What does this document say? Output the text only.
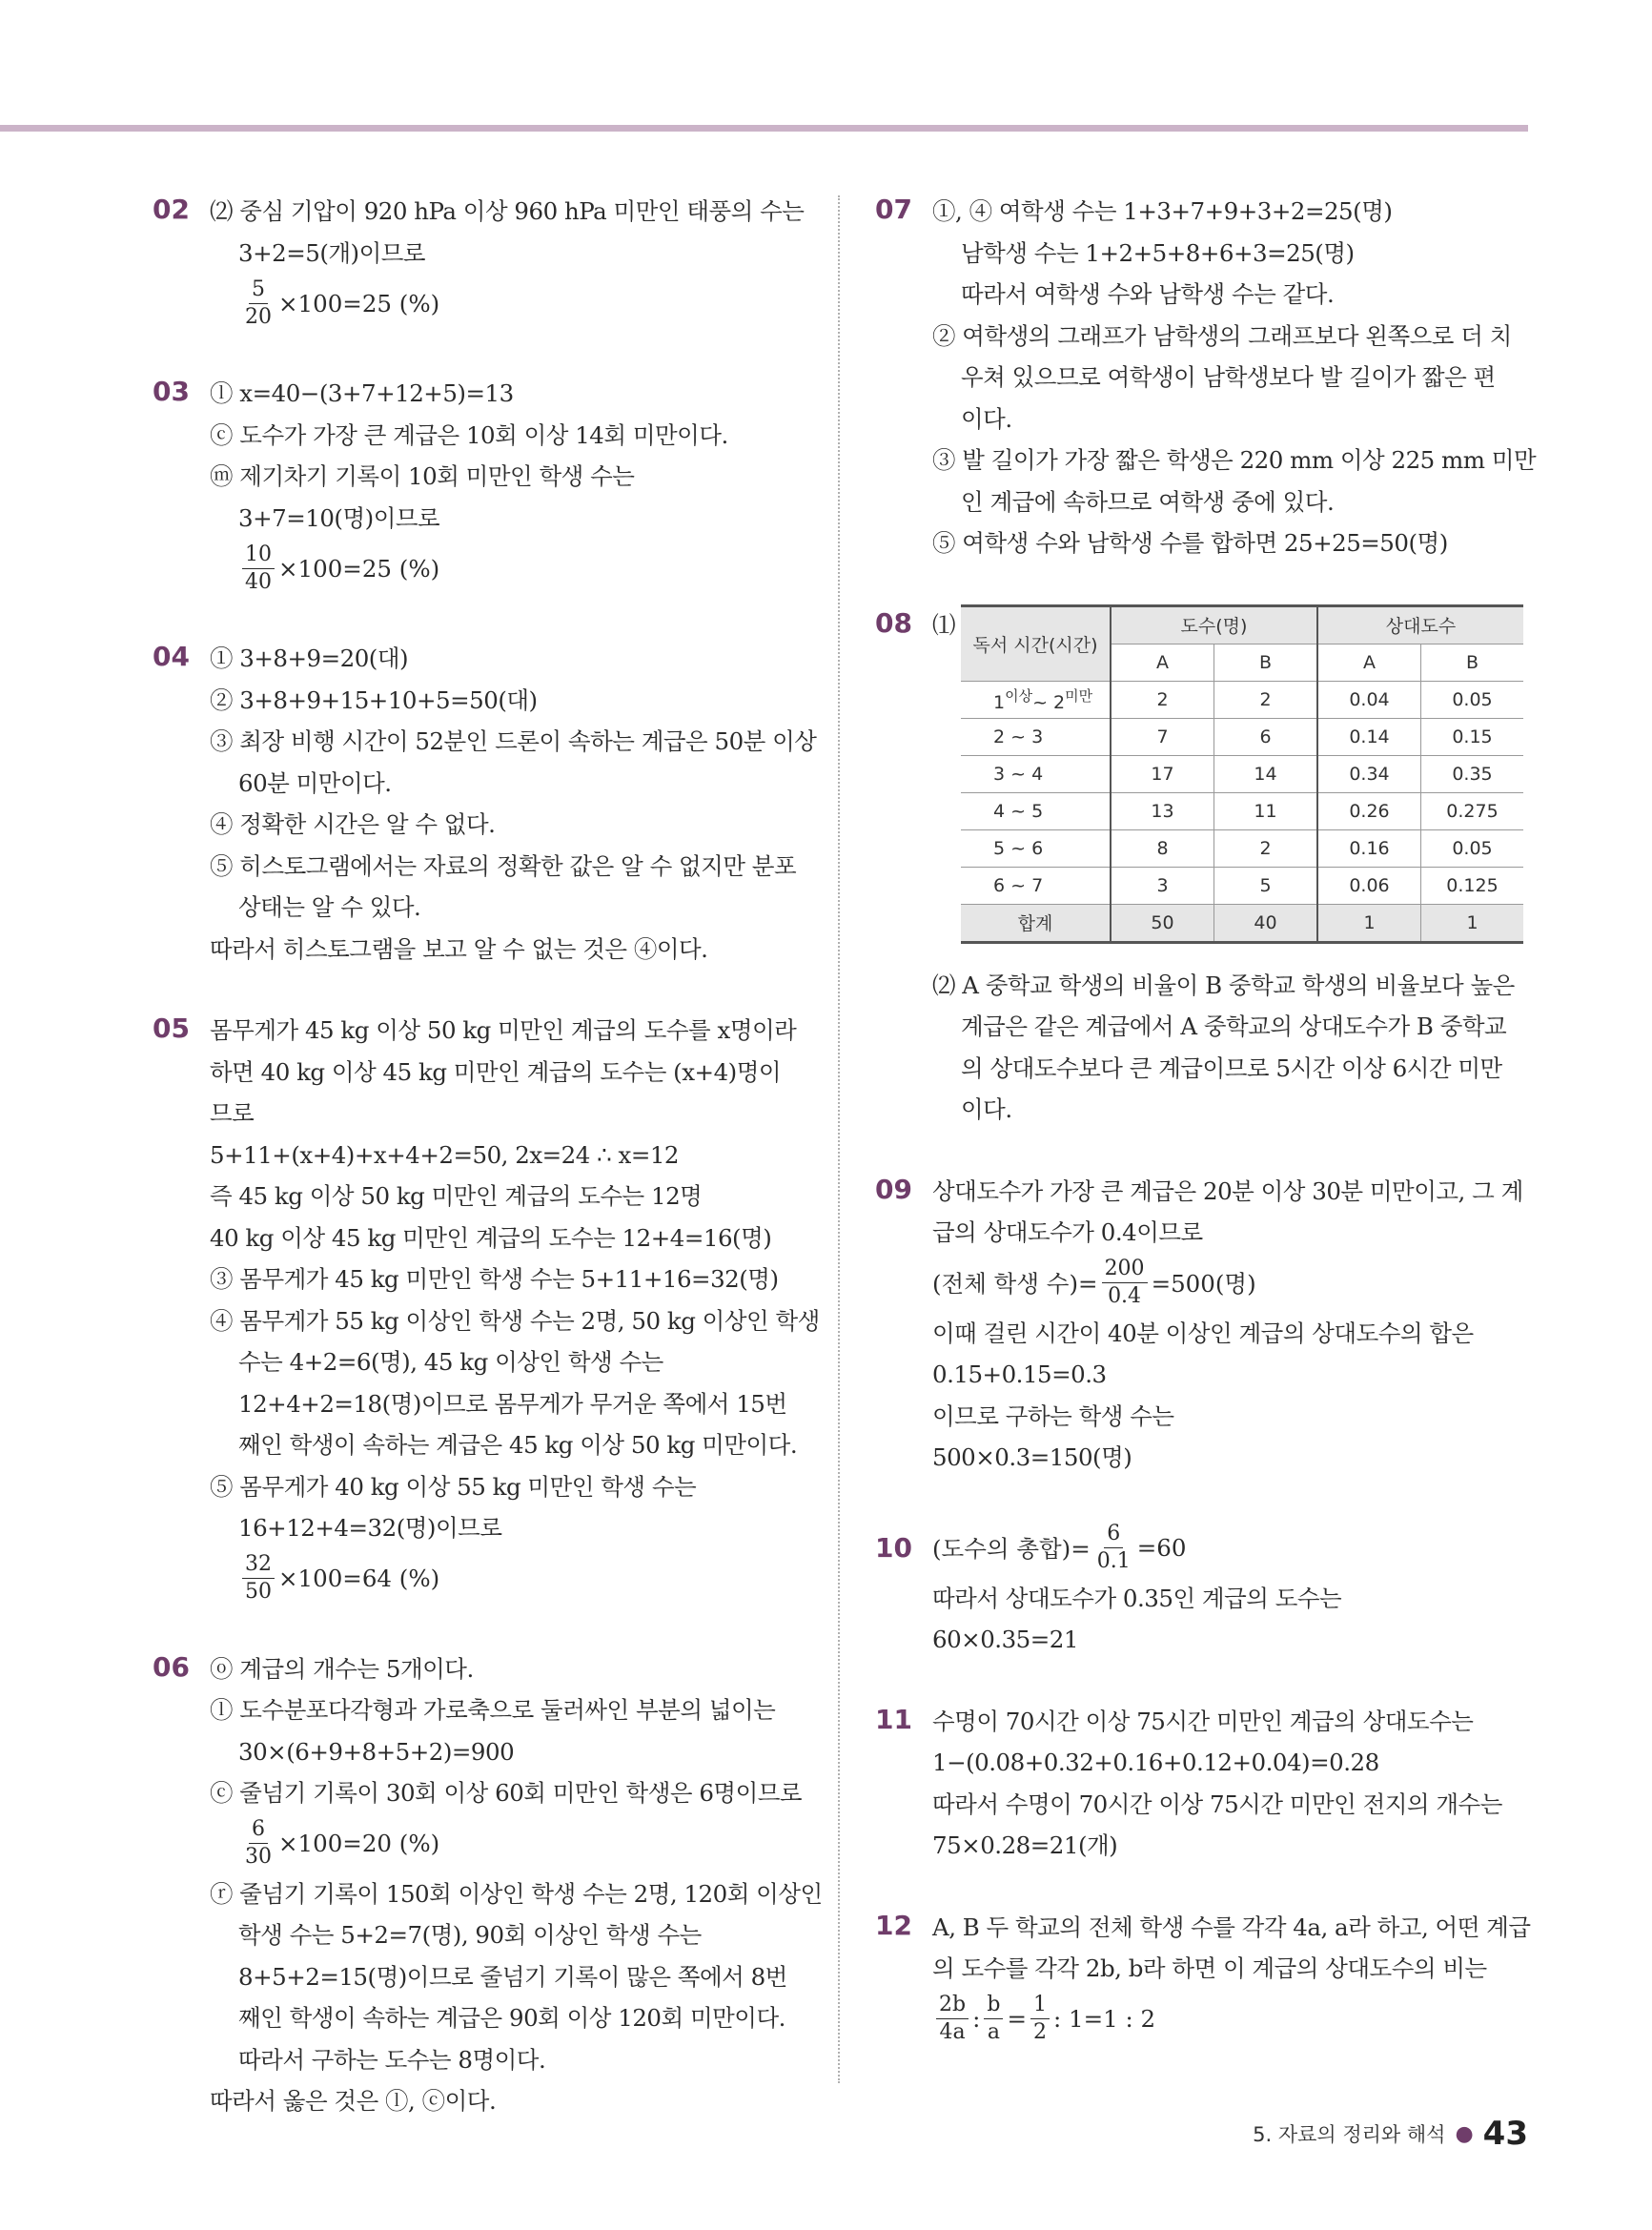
02 ⑵ 중심 기압이 920 hPa 이상 960 hPa 미만인 태풍의 수는
3+2=5(개)이므로
$\frac{5}{20} \times 100=25$ (%)
03 ⓛ x=40−(3+7+12+5)=13
ⓒ 도수가 가장 큰 계급은 10회 이상 14회 미만이다.
ⓜ 제기차기 기록이 10회 미만인 학생 수는
3+7=10(명)이므로
$\frac{10}{40} \times 100=25$ (%)
04 ① 3+8+9=20(대)
② 3+8+9+15+10+5=50(대)
③ 최장 비행 시간이 52분인 드론이 속하는 계급은 50분 이상
60분 미만이다.
④ 정확한 시간은 알 수 없다.
⑤ 히스토그램에서는 자료의 정확한 값은 알 수 없지만 분포
상태는 알 수 있다.
따라서 히스토그램을 보고 알 수 없는 것은 ④이다.
05 몸무게가 45 kg 이상 50 kg 미만인 계급의 도수를 x명이라
하면 40 kg 이상 45 kg 미만인 계급의 도수는 (x+4)명이
므로
5+11+(x+4)+x+4+2=50, 2x=24 ∴ x=12
즉 45 kg 이상 50 kg 미만인 계급의 도수는 12명
40 kg 이상 45 kg 미만인 계급의 도수는 12+4=16(명)
③ 몸무게가 45 kg 미만인 학생 수는 5+11+16=32(명)
④ 몸무게가 55 kg 이상인 학생 수는 2명, 50 kg 이상인 학생
수는 4+2=6(명), 45 kg 이상인 학생 수는
12+4+2=18(명)이므로 몸무게가 무거운 쪽에서 15번
째인 학생이 속하는 계급은 45 kg 이상 50 kg 미만이다.
⑤ 몸무게가 40 kg 이상 55 kg 미만인 학생 수는
16+12+4=32(명)이므로
$\frac{32}{50} \times 100=64$ (%)
06 ⓞ 계급의 개수는 5개이다.
ⓛ 도수분포다각형과 가로축으로 둘러싸인 부분의 넓이는
30×(6+9+8+5+2)=900
ⓒ 줄넘기 기록이 30회 이상 60회 미만인 학생은 6명이므로
$\frac{6}{30} \times 100=20$ (%)
ⓡ 줄넘기 기록이 150회 이상인 학생 수는 2명, 120회 이상인
학생 수는 5+2=7(명), 90회 이상인 학생 수는
8+5+2=15(명)이므로 줄넘기 기록이 많은 쪽에서 8번
째인 학생이 속하는 계급은 90회 이상 120회 미만이다.
따라서 구하는 도수는 8명이다.
따라서 옳은 것은 ⓛ, ⓒ이다.
07 ①, ④ 여학생 수는 1+3+7+9+3+2=25(명)
남학생 수는 1+2+5+8+6+3=25(명)
따라서 여학생 수와 남학생 수는 같다.
② 여학생의 그래프가 남학생의 그래프보다 왼쪽으로 더 치
우쳐 있으므로 여학생이 남학생보다 발 길이가 짧은 편
이다.
③ 발 길이가 가장 짧은 학생은 220 mm 이상 225 mm 미만
인 계급에 속하므로 여학생 중에 있다.
⑤ 여학생 수와 남학생 수를 합하면 25+25=50(명)
08 ⑴
독서 시간(시간)	도수(명)		상대도수	
	A	B	A	B
$1^{이상}\sim$ $2^{미만}$	2	2	0.04	0.05
2 ~ 3	7	6	0.14	0.15
3 ~ 4	17	14	0.34	0.35
4 ~ 5	13	11	0.26	0.275
5 ~ 6	8	2	0.16	0.05
6 ~ 7	3	5	0.06	0.125
합계	50	40	1	1
⑵ A 중학교 학생의 비율이 B 중학교 학생의 비율보다 높은
계급은 같은 계급에서 A 중학교의 상대도수가 B 중학교
의 상대도수보다 큰 계급이므로 5시간 이상 6시간 미만
이다.
09 상대도수가 가장 큰 계급은 20분 이상 30분 미만이고, 그 계
급의 상대도수가 0.4이므로
(전체 학생 수)= $\frac{200}{0.4} =500$(명)
이때 걸린 시간이 40분 이상인 계급의 상대도수의 합은
0.15+0.15=0.3
이므로 구하는 학생 수는
500×0.3=150(명)
10 (도수의 총합)= $\frac{6}{0.1} =60$
따라서 상대도수가 0.35인 계급의 도수는
60×0.35=21
11 수명이 70시간 이상 75시간 미만인 계급의 상대도수는
1−(0.08+0.32+0.16+0.12+0.04)=0.28
따라서 수명이 70시간 이상 75시간 미만인 전지의 개수는
75×0.28=21(개)
12 A, B 두 학교의 전체 학생 수를 각각 4a, a라 하고, 어떤 계급
의 도수를 각각 2b, b라 하면 이 계급의 상대도수의 비는
$\frac{2b}{4a}$ : $\frac{b}{a} = \frac{1}{2}$ : 1=1 : 2
5. 자료의 정리와 해석 ● 43
